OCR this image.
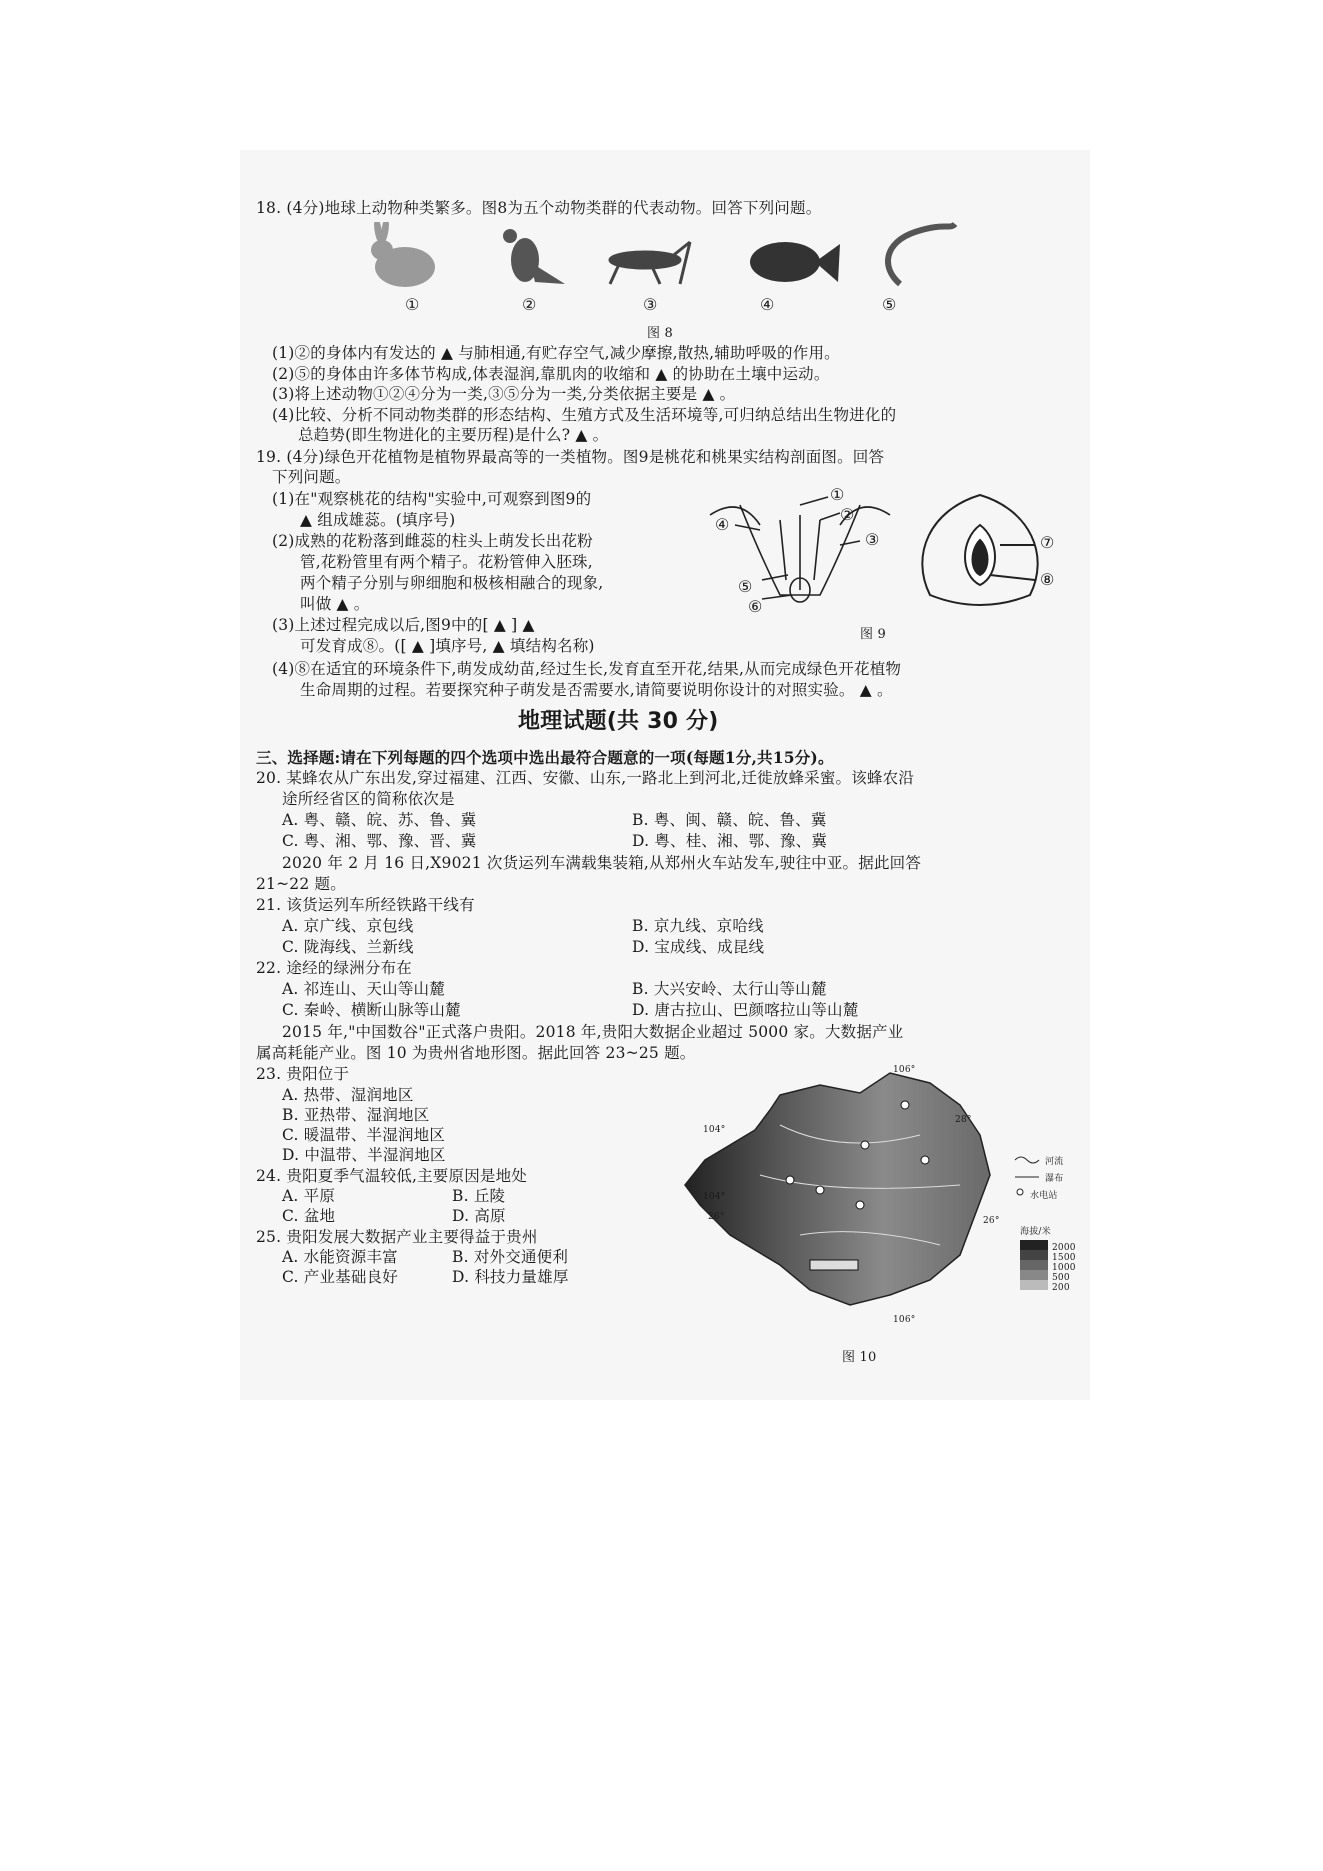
18. (4分)地球上动物种类繁多。图8为五个动物类群的代表动物。回答下列问题。
①	②	③	④	⑤
图 8
(1)②的身体内有发达的 ▲ 与肺相通,有贮存空气,减少摩擦,散热,辅助呼吸的作用。
(2)⑤的身体由许多体节构成,体表湿润,靠肌肉的收缩和 ▲ 的协助在土壤中运动。
(3)将上述动物①②④分为一类,③⑤分为一类,分类依据主要是 ▲ 。
(4)比较、分析不同动物类群的形态结构、生殖方式及生活环境等,可归纳总结出生物进化的
总趋势(即生物进化的主要历程)是什么? ▲ 。
19. (4分)绿色开花植物是植物界最高等的一类植物。图9是桃花和桃果实结构剖面图。回答
下列问题。
(1)在"观察桃花的结构"实验中,可观察到图9的
▲ 组成雄蕊。(填序号)
(2)成熟的花粉落到雌蕊的柱头上萌发长出花粉
管,花粉管里有两个精子。花粉管伸入胚珠,
两个精子分别与卵细胞和极核相融合的现象,
叫做 ▲ 。
(3)上述过程完成以后,图9中的[ ▲ ] ▲
可发育成⑧。([ ▲ ]填序号, ▲ 填结构名称)
(4)⑧在适宜的环境条件下,萌发成幼苗,经过生长,发育直至开花,结果,从而完成绿色开花植物
生命周期的过程。若要探究种子萌发是否需要水,请简要说明你设计的对照实验。 ▲ 。
①
②
③
④
⑤
⑥
⑦
⑧
图 9
地理试题(共 30 分)
三、选择题:请在下列每题的四个选项中选出最符合题意的一项(每题1分,共15分)。
20. 某蜂农从广东出发,穿过福建、江西、安徽、山东,一路北上到河北,迁徙放蜂采蜜。该蜂农沿
途所经省区的简称依次是
A. 粤、赣、皖、苏、鲁、冀	B. 粤、闽、赣、皖、鲁、冀
C. 粤、湘、鄂、豫、晋、冀	D. 粤、桂、湘、鄂、豫、冀
2020 年 2 月 16 日,X9021 次货运列车满载集装箱,从郑州火车站发车,驶往中亚。据此回答
21~22 题。
21. 该货运列车所经铁路干线有
A. 京广线、京包线	B. 京九线、京哈线
C. 陇海线、兰新线	D. 宝成线、成昆线
22. 途经的绿洲分布在
A. 祁连山、天山等山麓	B. 大兴安岭、太行山等山麓
C. 秦岭、横断山脉等山麓	D. 唐古拉山、巴颜喀拉山等山麓
2015 年,"中国数谷"正式落户贵阳。2018 年,贵阳大数据企业超过 5000 家。大数据产业
属高耗能产业。图 10 为贵州省地形图。据此回答 23~25 题。
23. 贵阳位于
A. 热带、湿润地区
B. 亚热带、湿润地区
C. 暖温带、半湿润地区
D. 中温带、半湿润地区
24. 贵阳夏季气温较低,主要原因是地处
A. 平原	B. 丘陵
C. 盆地	D. 高原
25. 贵阳发展大数据产业主要得益于贵州
A. 水能资源丰富	B. 对外交通便利
C. 产业基础良好	D. 科技力量雄厚
106°
104°
104°
106°
28°
26°	26°
河流
瀑布
水电站
海拔/米
2000
1500
1000
500
200
图 10
